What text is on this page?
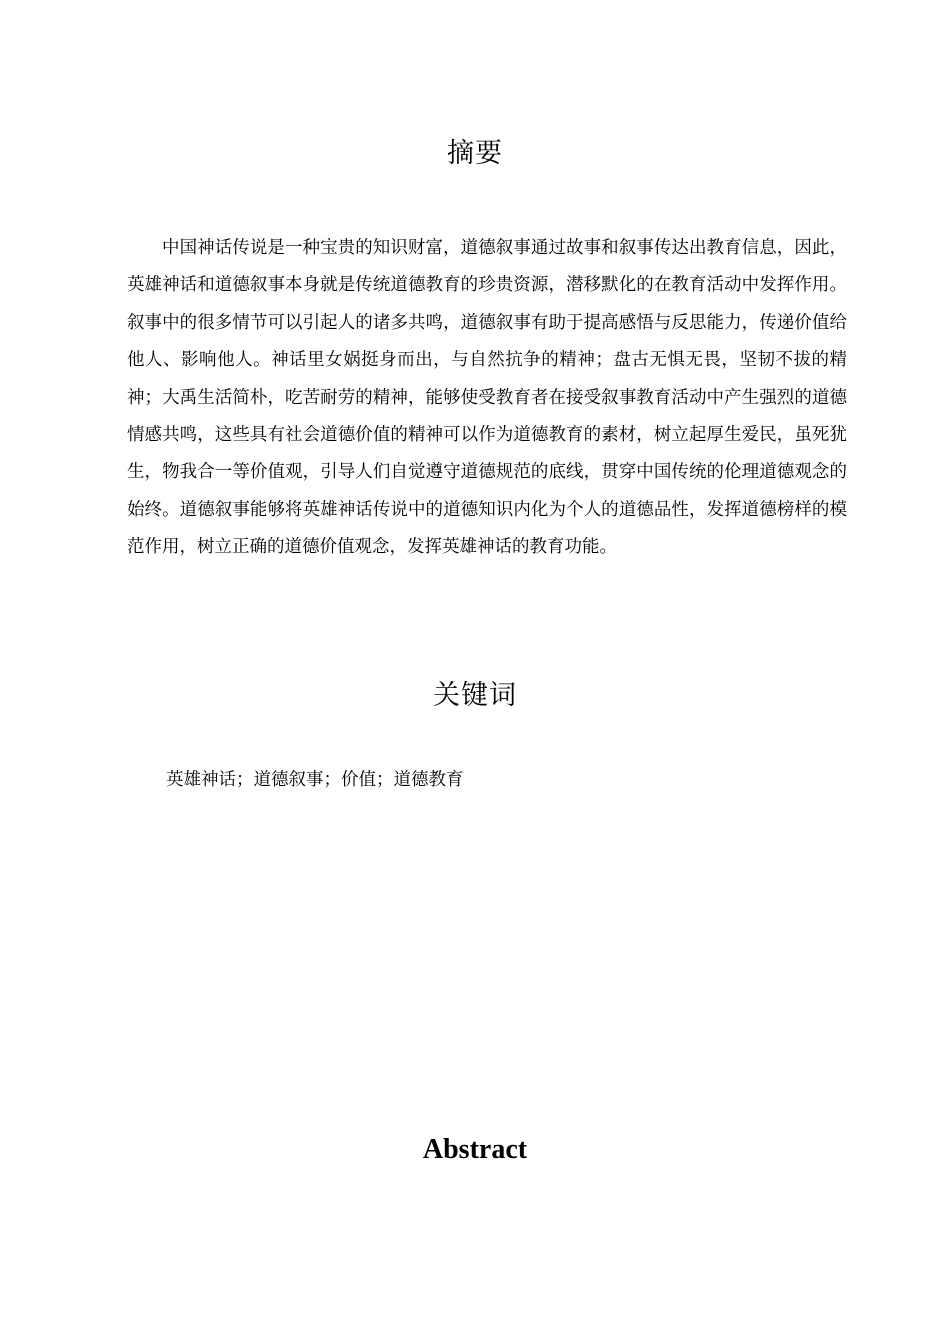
摘要

中国神话传说是一种宝贵的知识财富，道德叙事通过故事和叙事传达出教育信息，因此，英雄神话和道德叙事本身就是传统道德教育的珍贵资源，潜移默化的在教育活动中发挥作用。叙事中的很多情节可以引起人的诸多共鸣，道德叙事有助于提高感悟与反思能力，传递价值给他人、影响他人。神话里女娲挺身而出，与自然抗争的精神；盘古无惧无畏，坚韧不拔的精神；大禹生活简朴，吃苦耐劳的精神，能够使受教育者在接受叙事教育活动中产生强烈的道德情感共鸣，这些具有社会道德价值的精神可以作为道德教育的素材，树立起厚生爱民，虽死犹生，物我合一等价值观，引导人们自觉遵守道德规范的底线，贯穿中国传统的伦理道德观念的始终。道德叙事能够将英雄神话传说中的道德知识内化为个人的道德品性，发挥道德榜样的模范作用，树立正确的道德价值观念，发挥英雄神话的教育功能。

关键词

英雄神话；道德叙事；价值；道德教育

Abstract
